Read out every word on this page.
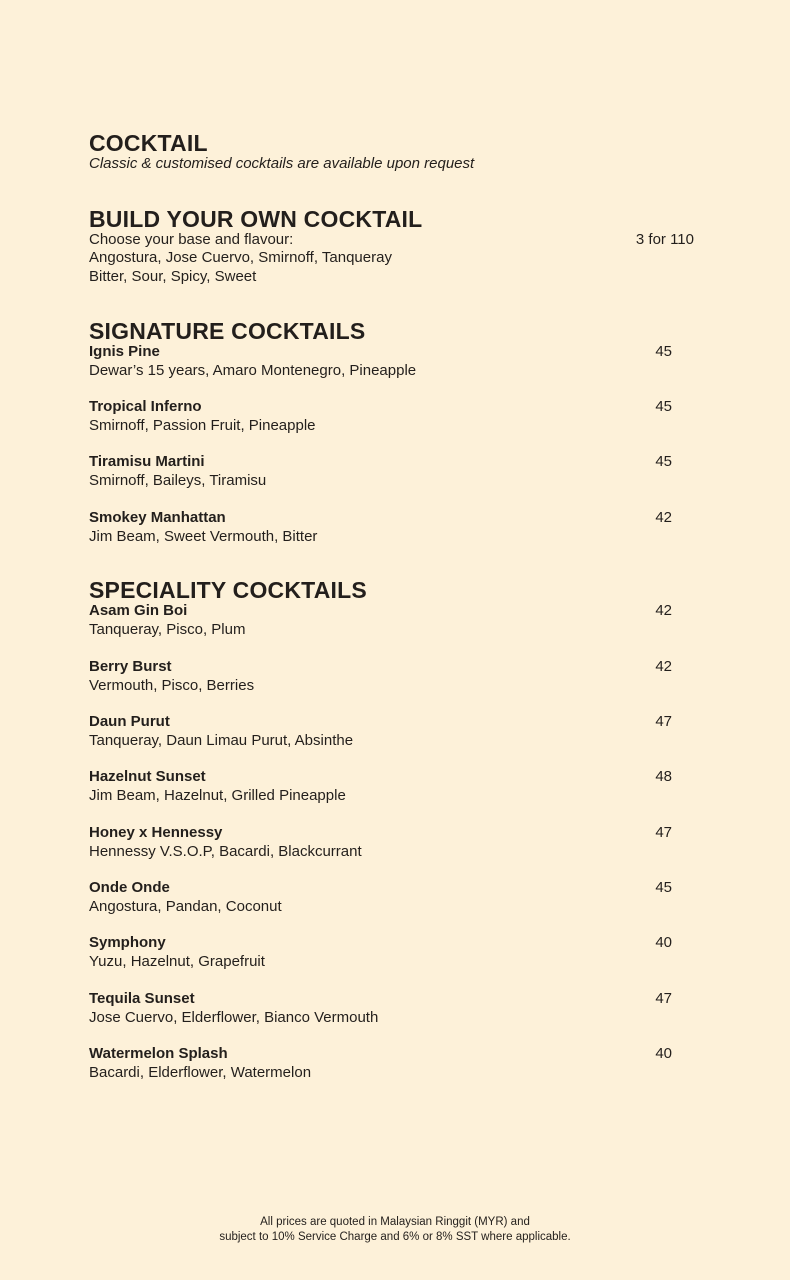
COCKTAIL
Classic & customised cocktails are available upon request
BUILD YOUR OWN COCKTAIL
Choose your base and flavour:
Angostura, Jose Cuervo, Smirnoff, Tanqueray
Bitter, Sour, Spicy, Sweet
3 for 110
SIGNATURE COCKTAILS
Ignis Pine
Dewar’s 15 years, Amaro Montenegro, Pineapple
45
Tropical Inferno
Smirnoff, Passion Fruit, Pineapple
45
Tiramisu Martini
Smirnoff, Baileys, Tiramisu
45
Smokey Manhattan
Jim Beam, Sweet Vermouth, Bitter
42
SPECIALITY COCKTAILS
Asam Gin Boi
Tanqueray, Pisco, Plum
42
Berry Burst
Vermouth, Pisco, Berries
42
Daun Purut
Tanqueray, Daun Limau Purut, Absinthe
47
Hazelnut Sunset
Jim Beam, Hazelnut, Grilled Pineapple
48
Honey x Hennessy
Hennessy V.S.O.P, Bacardi, Blackcurrant
47
Onde Onde
Angostura, Pandan, Coconut
45
Symphony
Yuzu, Hazelnut, Grapefruit
40
Tequila Sunset
Jose Cuervo, Elderflower, Bianco Vermouth
47
Watermelon Splash
Bacardi, Elderflower, Watermelon
40
All prices are quoted in Malaysian Ringgit (MYR) and
subject to 10% Service Charge and 6% or 8% SST where applicable.
